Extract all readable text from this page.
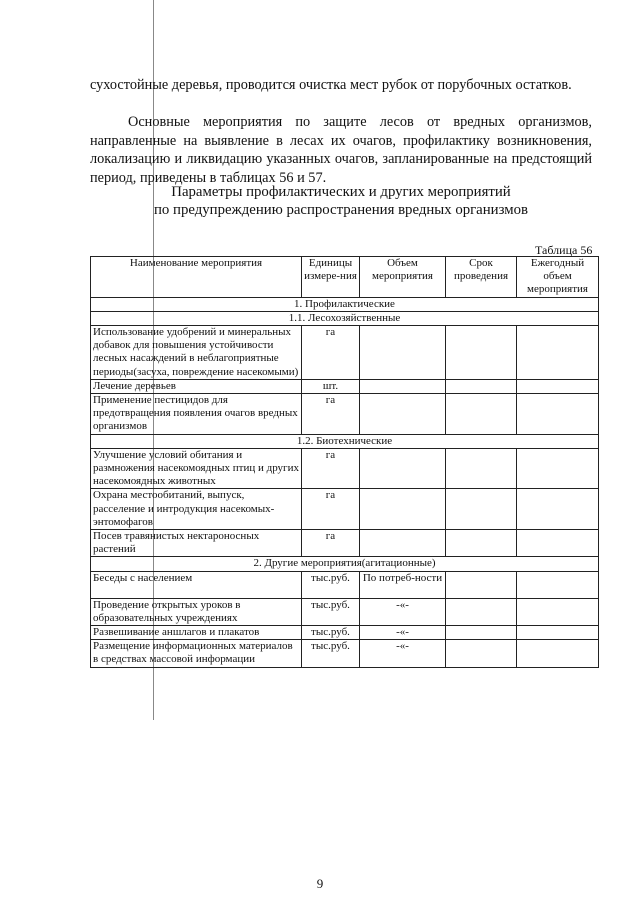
сухостойные деревья, проводится очистка мест рубок от порубочных остатков.

Основные мероприятия по защите лесов от вредных организмов, направленные на выявление в лесах их очагов, профилактику возникновения, локализацию и ликвидацию указанных очагов, запланированные на предстоящий период, приведены в таблицах 56 и 57.

Параметры профилактических и других мероприятий
по предупреждению распространения вредных организмов
Таблица 56
Наименование мероприятия	Единицы измере-ния	Объем мероприятия	Срок проведения	Ежегодный объем мероприятия
1. Профилактические				
1.1. Лесохозяйственные				
Использование удобрений и минеральных добавок для повышения устойчивости лесных насаждений в неблагоприятные периоды(засуха, повреждение насекомыми)	га			
Лечение деревьев	шт.			
Применение пестицидов для предотвращения появления очагов вредных организмов	га			
1.2. Биотехнические				
Улучшение условий обитания и размножения насекомоядных птиц и других насекомоядных животных	га			
Охрана местообитаний, выпуск, расселение и интродукция насекомых-энтомофагов	га			
Посев травянистых нектароносных растений	га			
2. Другие мероприятия(агитационные)				
Беседы с населением	тыс.руб.	По потреб-ности		
Проведение открытых уроков в образовательных учреждениях	тыс.руб.	-«-		
Развешивание аншлагов и плакатов	тыс.руб.	-«-		
Размещение информационных материалов в средствах массовой информации	тыс.руб.	-«-		
9
